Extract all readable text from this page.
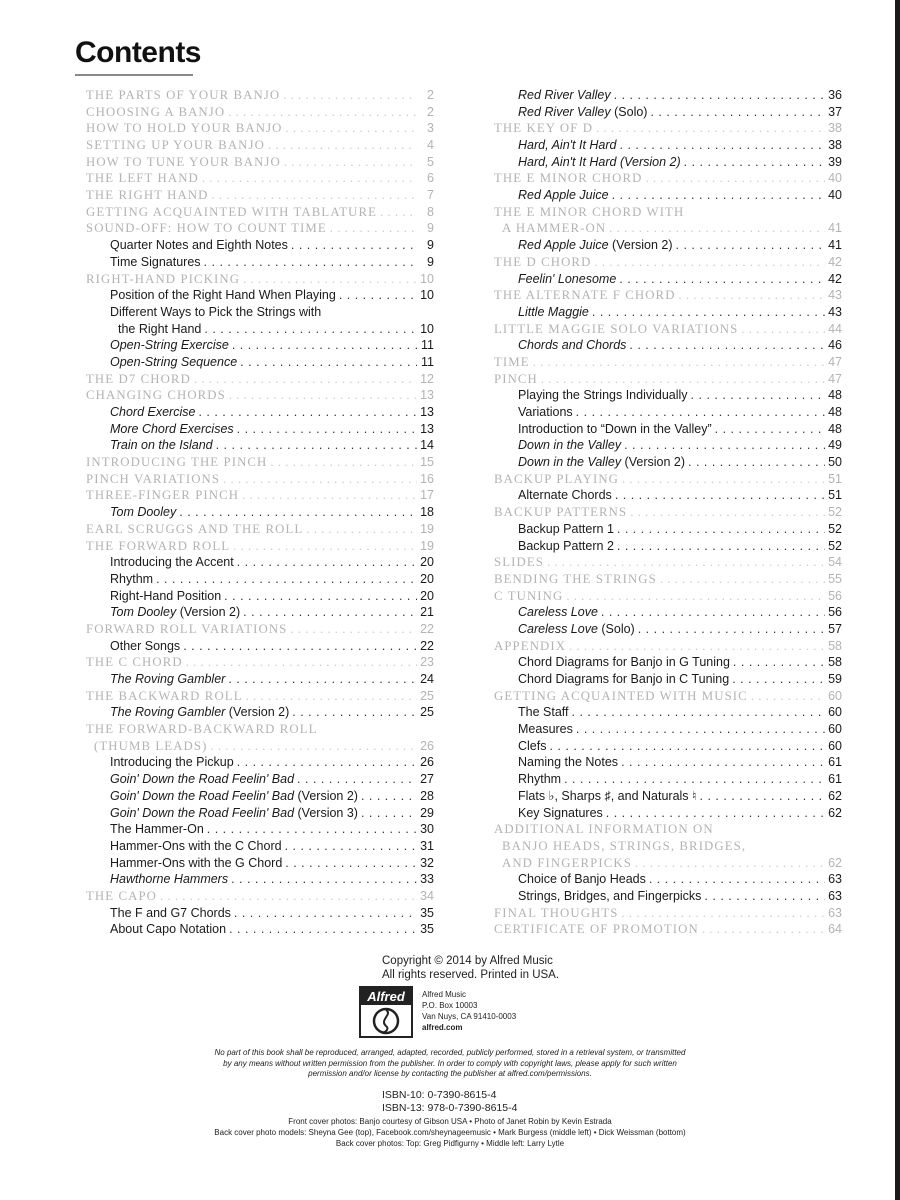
Contents
THE PARTS OF YOUR BANJO . . .	2
CHOOSING A BANJO . . .	2
HOW TO HOLD YOUR BANJO . . .	3
SETTING UP YOUR BANJO . . .	4
HOW TO TUNE YOUR BANJO . . .	5
THE LEFT HAND . . .	6
THE RIGHT HAND . . .	7
GETTING ACQUAINTED WITH TABLATURE . . .	8
SOUND-OFF: HOW TO COUNT TIME . . .	9
Quarter Notes and Eighth Notes . . .	9
Time Signatures . . .	9
RIGHT-HAND PICKING . . .	10
Position of the Right Hand When Playing . . .	10
Different Ways to Pick the Strings with
the Right Hand . . .	10
Open-String Exercise . . .	11
Open-String Sequence . . .	11
THE D7 CHORD . . .	12
CHANGING CHORDS . . .	13
Chord Exercise . . .	13
More Chord Exercises . . .	13
Train on the Island . . .	14
INTRODUCING THE PINCH . . .	15
PINCH VARIATIONS . . .	16
THREE-FINGER PINCH . . .	17
Tom Dooley . . .	18
EARL SCRUGGS AND THE ROLL . . .	19
THE FORWARD ROLL . . .	19
Introducing the Accent . . .	20
Rhythm . . .	20
Right-Hand Position . . .	20
Tom Dooley (Version 2) . . .	21
FORWARD ROLL VARIATIONS . . .	22
Other Songs . . .	22
THE C CHORD . . .	23
The Roving Gambler . . .	24
THE BACKWARD ROLL . . .	25
The Roving Gambler (Version 2) . . .	25
THE FORWARD-BACKWARD ROLL
(THUMB LEADS) . . .	26
Introducing the Pickup . . .	26
Goin' Down the Road Feelin' Bad . . .	27
Goin' Down the Road Feelin' Bad (Version 2) . . .	28
Goin' Down the Road Feelin' Bad (Version 3) . . .	29
The Hammer-On . . .	30
Hammer-Ons with the C Chord . . .	31
Hammer-Ons with the G Chord . . .	32
Hawthorne Hammers . . .	33
THE CAPO . . .	34
The F and G7 Chords . . .	35
About Capo Notation . . .	35
Red River Valley . . .	36
Red River Valley (Solo) . . .	37
THE KEY OF D . . .	38
Hard, Ain't It Hard . . .	38
Hard, Ain't It Hard (Version 2) . . .	39
THE E MINOR CHORD . . .	40
Red Apple Juice . . .	40
THE E MINOR CHORD WITH
A HAMMER-ON . . .	41
Red Apple Juice (Version 2) . . .	41
THE D CHORD . . .	42
Feelin' Lonesome . . .	42
THE ALTERNATE F CHORD . . .	43
Little Maggie . . .	43
LITTLE MAGGIE SOLO VARIATIONS . . .	44
Chords and Chords . . .	46
TIME . . .	47
PINCH . . .	47
Playing the Strings Individually . . .	48
Variations . . .	48
Introduction to “Down in the Valley” . . .	48
Down in the Valley . . .	49
Down in the Valley (Version 2) . . .	50
BACKUP PLAYING . . .	51
Alternate Chords . . .	51
BACKUP PATTERNS . . .	52
Backup Pattern 1 . . .	52
Backup Pattern 2 . . .	52
SLIDES . . .	54
BENDING THE STRINGS . . .	55
C TUNING . . .	56
Careless Love . . .	56
Careless Love (Solo) . . .	57
APPENDIX . . .	58
Chord Diagrams for Banjo in G Tuning . . .	58
Chord Diagrams for Banjo in C Tuning . . .	59
GETTING ACQUAINTED WITH MUSIC . . .	60
The Staff . . .	60
Measures . . .	60
Clefs . . .	60
Naming the Notes . . .	61
Rhythm . . .	61
Flats ♭, Sharps ♯, and Naturals ♮ . . .	62
Key Signatures . . .	62
ADDITIONAL INFORMATION ON
BANJO HEADS, STRINGS, BRIDGES,
AND FINGERPICKS . . .	62
Choice of Banjo Heads . . .	63
Strings, Bridges, and Fingerpicks . . .	63
FINAL THOUGHTS . . .	63
CERTIFICATE OF PROMOTION . . .	64
Copyright © 2014 by Alfred Music
All rights reserved. Printed in USA.
Alfred	Alfred Music
P.O. Box 10003
Van Nuys, CA 91410-0003
alfred.com
No part of this book shall be reproduced, arranged, adapted, recorded, publicly performed, stored in a retrieval system, or transmitted
by any means without written permission from the publisher. In order to comply with copyright laws, please apply for such written
permission and/or license by contacting the publisher at alfred.com/permissions.
ISBN-10: 0-7390-8615-4
ISBN-13: 978-0-7390-8615-4
Front cover photos: Banjo courtesy of Gibson USA • Photo of Janet Robin by Kevin Estrada
Back cover photo models: Sheyna Gee (top), Facebook.com/sheynageemusic • Mark Burgess (middle left) • Dick Weissman (bottom)
Back cover photos: Top: Greg Pidfigurny • Middle left: Larry Lytle
